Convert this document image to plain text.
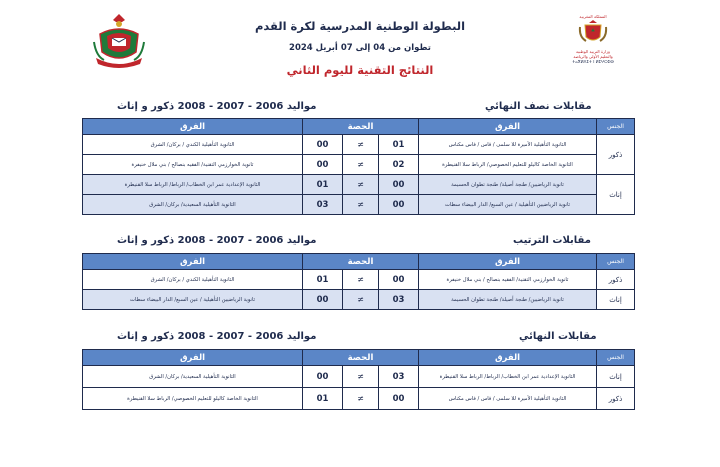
البطولة الوطنية المدرسية لكرة القدم
تطوان من 04 إلى 07 أبريل 2024
النتائج التقنية لليوم الثاني
المملكة المغربية
وزارة التربية الوطنية
والتعليم الأولي والرياضة
ⵜⴰⴳⵍⴷⵉⵜ ⵏ ⵍⵎⵖⵔⵉⴱ
مقابلات نصف النهائي
مواليد 2006 - 2007 - 2008 ذكور و إناث
الفرق	الحصة			الفرق	الجنس
الثانوية التأهيلية الكندي / بركان/ الشرق	00	≠	01	الثانوية التأهيلية الأميرة للا سلمى / فاس / فاس مكناس	ذكور
ثانوية الخوارزمي التقنية/ الفقيه بنصالح / بني ملال خنيفرة	00	≠	02	الثانوية الخاصة كاليلو للتعليم الخصوصي/ الرباط سلا القنيطرة	
الثانوية الإعدادية عمر ابن الخطاب/ الرباط/ الرباط سلا القنيطرة	01	≠	00	ثانوية الرياضيين/ طنجة أصيلة/ طنجة تطوان الحسيمة	إناث
الثانوية التأهيلية السعيدية/ بركان/ الشرق	03	≠	00	ثانوية الرياضيين التأهيلية / عين السبع/ الدار البيضاء سطات	
مقابلات الترتيب
مواليد 2006 - 2007 - 2008 ذكور و إناث
الفرق	الحصة			الفرق	الجنس
الثانوية التأهيلية الكندي / بركان/ الشرق	01	≠	00	ثانوية الخوارزمي التقنية/ الفقيه بنصالح / بني ملال خنيفرة	ذكور
ثانوية الرياضيين التأهيلية / عين السبع/ الدار البيضاء سطات	00	≠	03	ثانوية الرياضيين/ طنجة أصيلة/ طنجة تطوان الحسيمة	إناث
مقابلات النهائي
مواليد 2006 - 2007 - 2008 ذكور و إناث
الفرق	الحصة			الفرق	الجنس
الثانوية التأهيلية السعيدية/ بركان/ الشرق	00	≠	03	الثانوية الإعدادية عمر ابن الخطاب/ الرباط/ الرباط سلا القنيطرة	إناث
الثانوية الخاصة كاليلو للتعليم الخصوصي/ الرباط سلا القنيطرة	01	≠	00	الثانوية التأهيلية الأميرة للا سلمى / فاس / فاس مكناس	ذكور
